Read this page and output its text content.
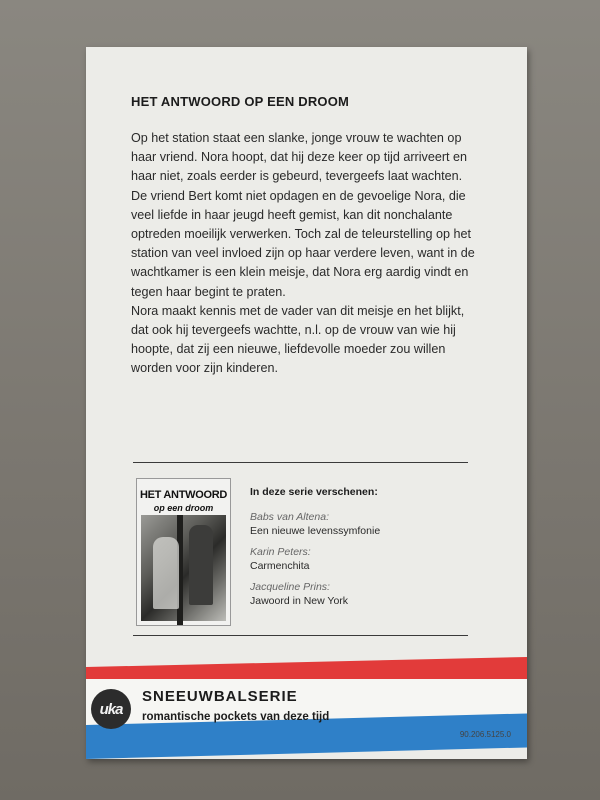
HET ANTWOORD OP EEN DROOM

Op het station staat een slanke, jonge vrouw te wachten op haar vriend. Nora hoopt, dat hij deze keer op tijd arriveert en haar niet, zoals eerder is gebeurd, tevergeefs laat wachten.

De vriend Bert komt niet opdagen en de gevoelige Nora, die veel liefde in haar jeugd heeft gemist, kan dit nonchalante optreden moeilijk verwerken. Toch zal de teleurstelling op het station van veel invloed zijn op haar verdere leven, want in de wachtkamer is een klein meisje, dat Nora erg aardig vindt en tegen haar begint te praten.

Nora maakt kennis met de vader van dit meisje en het blijkt, dat ook hij tevergeefs wachtte, n.l. op de vrouw van wie hij hoopte, dat zij een nieuwe, liefdevolle moeder zou willen worden voor zijn kinderen.

HET ANTWOORD
op een droom
In deze serie verschenen:
Babs van Altena:
Een nieuwe levenssymfonie
Karin Peters:
Carmenchita
Jacqueline Prins:
Jawoord in New York
uka
SNEEUWBALSERIE
romantische pockets van deze tijd
90.206.5125.0
